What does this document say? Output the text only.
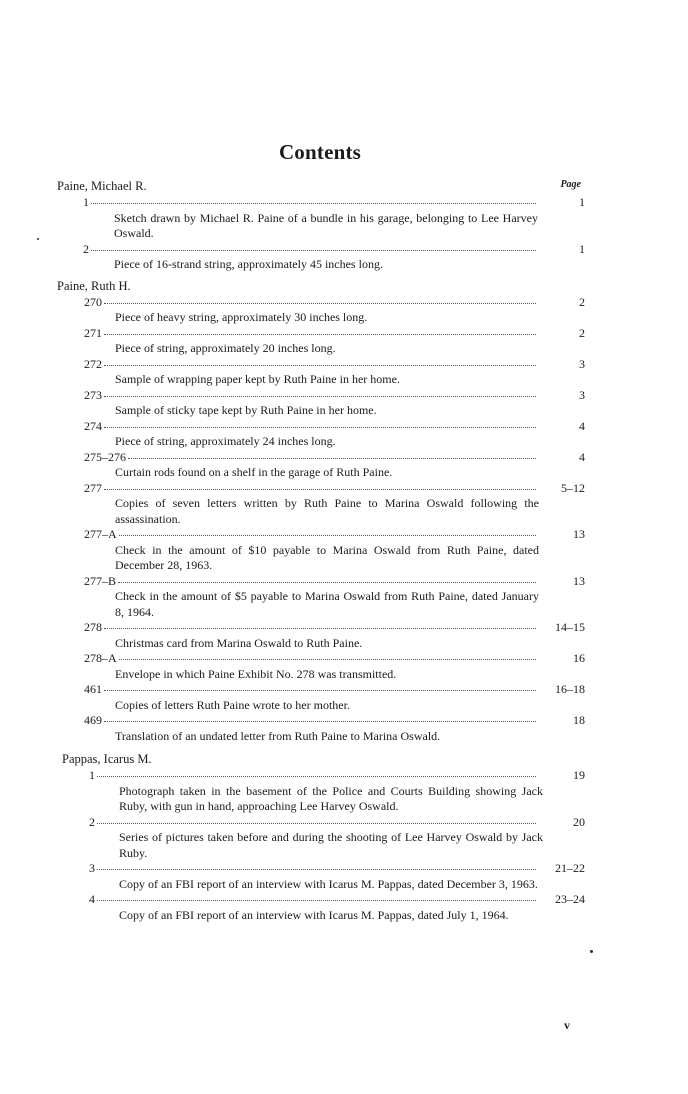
Contents
Page
Paine, Michael R.
1	1
Sketch drawn by Michael R. Paine of a bundle in his garage, belonging to Lee Harvey Oswald.
2	1
Piece of 16-strand string, approximately 45 inches long.
Paine, Ruth H.
270	2
Piece of heavy string, approximately 30 inches long.
271	2
Piece of string, approximately 20 inches long.
272	3
Sample of wrapping paper kept by Ruth Paine in her home.
273	3
Sample of sticky tape kept by Ruth Paine in her home.
274	4
Piece of string, approximately 24 inches long.
275–276	4
Curtain rods found on a shelf in the garage of Ruth Paine.
277	5–12
Copies of seven letters written by Ruth Paine to Marina Oswald following the assassination.
277–A	13
Check in the amount of $10 payable to Marina Oswald from Ruth Paine, dated December 28, 1963.
277–B	13
Check in the amount of $5 payable to Marina Oswald from Ruth Paine, dated January 8, 1964.
278	14–15
Christmas card from Marina Oswald to Ruth Paine.
278–A	16
Envelope in which Paine Exhibit No. 278 was transmitted.
461	16–18
Copies of letters Ruth Paine wrote to her mother.
469	18
Translation of an undated letter from Ruth Paine to Marina Oswald.
Pappas, Icarus M.
1	19
Photograph taken in the basement of the Police and Courts Building showing Jack Ruby, with gun in hand, approaching Lee Harvey Oswald.
2	20
Series of pictures taken before and during the shooting of Lee Harvey Oswald by Jack Ruby.
3	21–22
Copy of an FBI report of an interview with Icarus M. Pappas, dated December 3, 1963.
4	23–24
Copy of an FBI report of an interview with Icarus M. Pappas, dated July 1, 1964.
v
